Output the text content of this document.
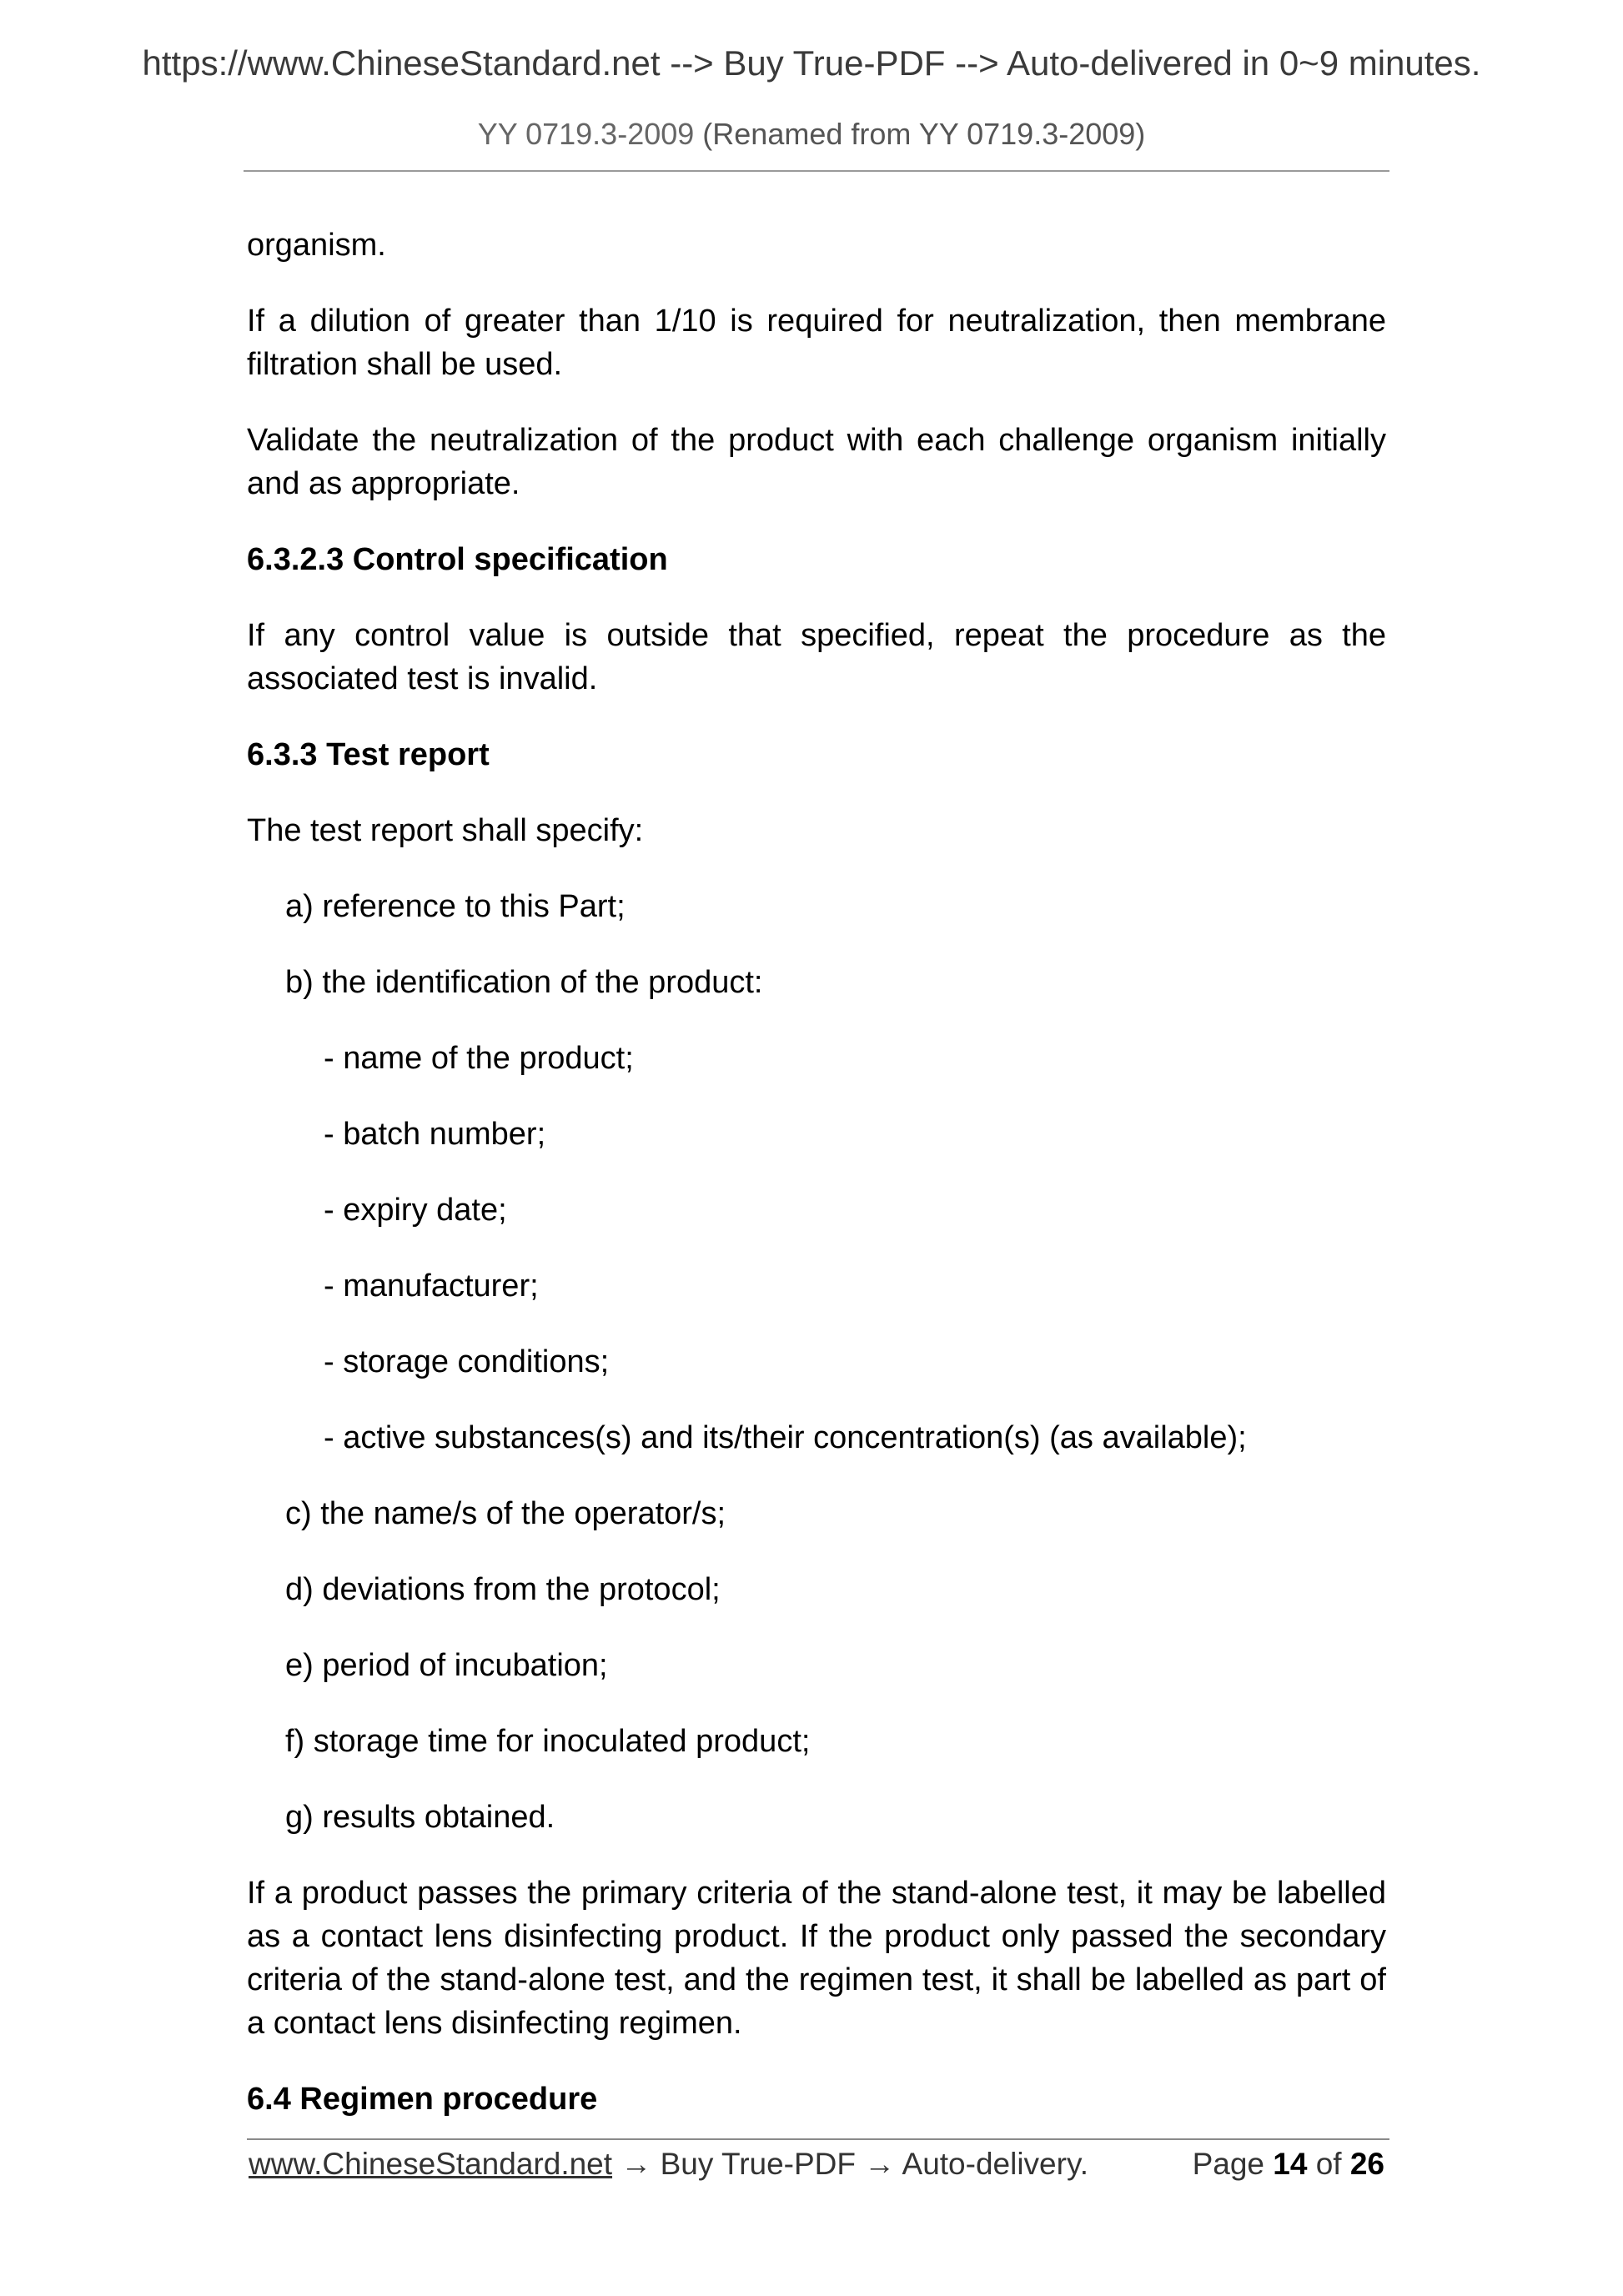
https://www.ChineseStandard.net --> Buy True-PDF --> Auto-delivered in 0~9 minutes.
YY 0719.3-2009 (Renamed from YY 0719.3-2009)

organism.

If a dilution of greater than 1/10 is required for neutralization, then membrane filtration shall be used.

Validate the neutralization of the product with each challenge organism initially and as appropriate.

6.3.2.3 Control specification

If any control value is outside that specified, repeat the procedure as the associated test is invalid.

6.3.3 Test report

The test report shall specify:

a) reference to this Part;

b) the identification of the product:

- name of the product;

- batch number;

- expiry date;

- manufacturer;

- storage conditions;

- active substances(s) and its/their concentration(s) (as available);

c) the name/s of the operator/s;

d) deviations from the protocol;

e) period of incubation;

f) storage time for inoculated product;

g) results obtained.

If a product passes the primary criteria of the stand-alone test, it may be labelled as a contact lens disinfecting product. If the product only passed the secondary criteria of the stand-alone test, and the regimen test, it shall be labelled as part of a contact lens disinfecting regimen.

6.4 Regimen procedure
www.ChineseStandard.net → Buy True-PDF → Auto-delivery.	Page 14 of 26
